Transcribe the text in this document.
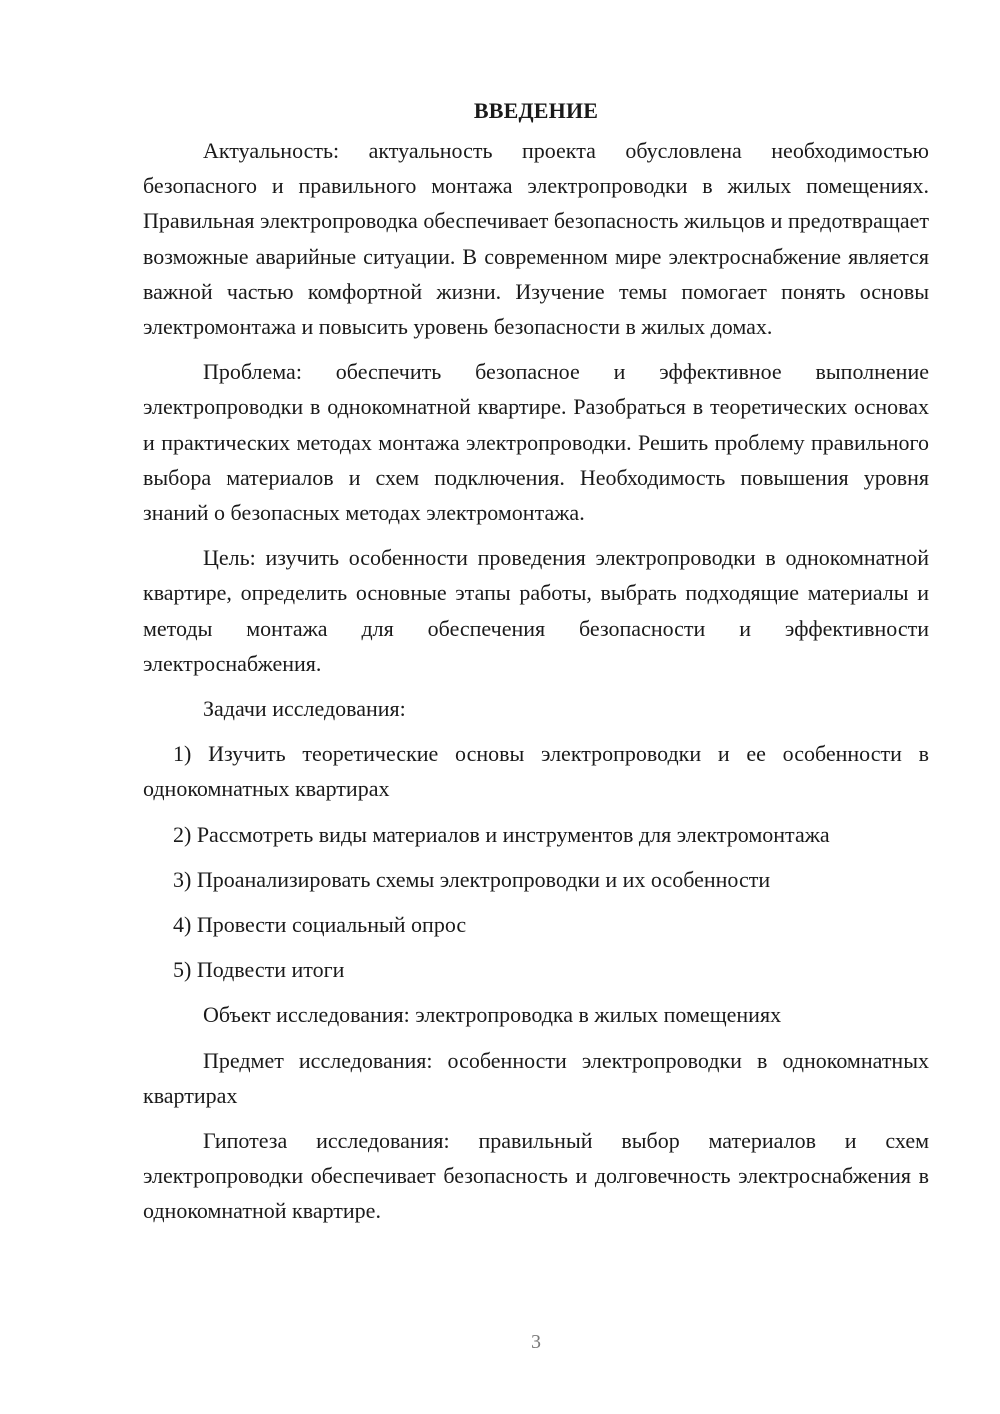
ВВЕДЕНИЕ

Актуальность: актуальность проекта обусловлена необходимостью безопасного и правильного монтажа электропроводки в жилых помещениях. Правильная электропроводка обеспечивает безопасность жильцов и предотвращает возможные аварийные ситуации. В современном мире электроснабжение является важной частью комфортной жизни. Изучение темы помогает понять основы электромонтажа и повысить уровень безопасности в жилых домах.

Проблема: обеспечить безопасное и эффективное выполнение электропроводки в однокомнатной квартире. Разобраться в теоретических основах и практических методах монтажа электропроводки. Решить проблему правильного выбора материалов и схем подключения. Необходимость повышения уровня знаний о безопасных методах электромонтажа.

Цель: изучить особенности проведения электропроводки в однокомнатной квартире, определить основные этапы работы, выбрать подходящие материалы и методы монтажа для обеспечения безопасности и эффективности электроснабжения.

Задачи исследования:

1) Изучить теоретические основы электропроводки и ее особенности в однокомнатных квартирах

2) Рассмотреть виды материалов и инструментов для электромонтажа

3) Проанализировать схемы электропроводки и их особенности

4) Провести социальный опрос

5) Подвести итоги

Объект исследования: электропроводка в жилых помещениях

Предмет исследования: особенности электропроводки в однокомнатных квартирах

Гипотеза исследования: правильный выбор материалов и схем электропроводки обеспечивает безопасность и долговечность электроснабжения в однокомнатной квартире.

3
